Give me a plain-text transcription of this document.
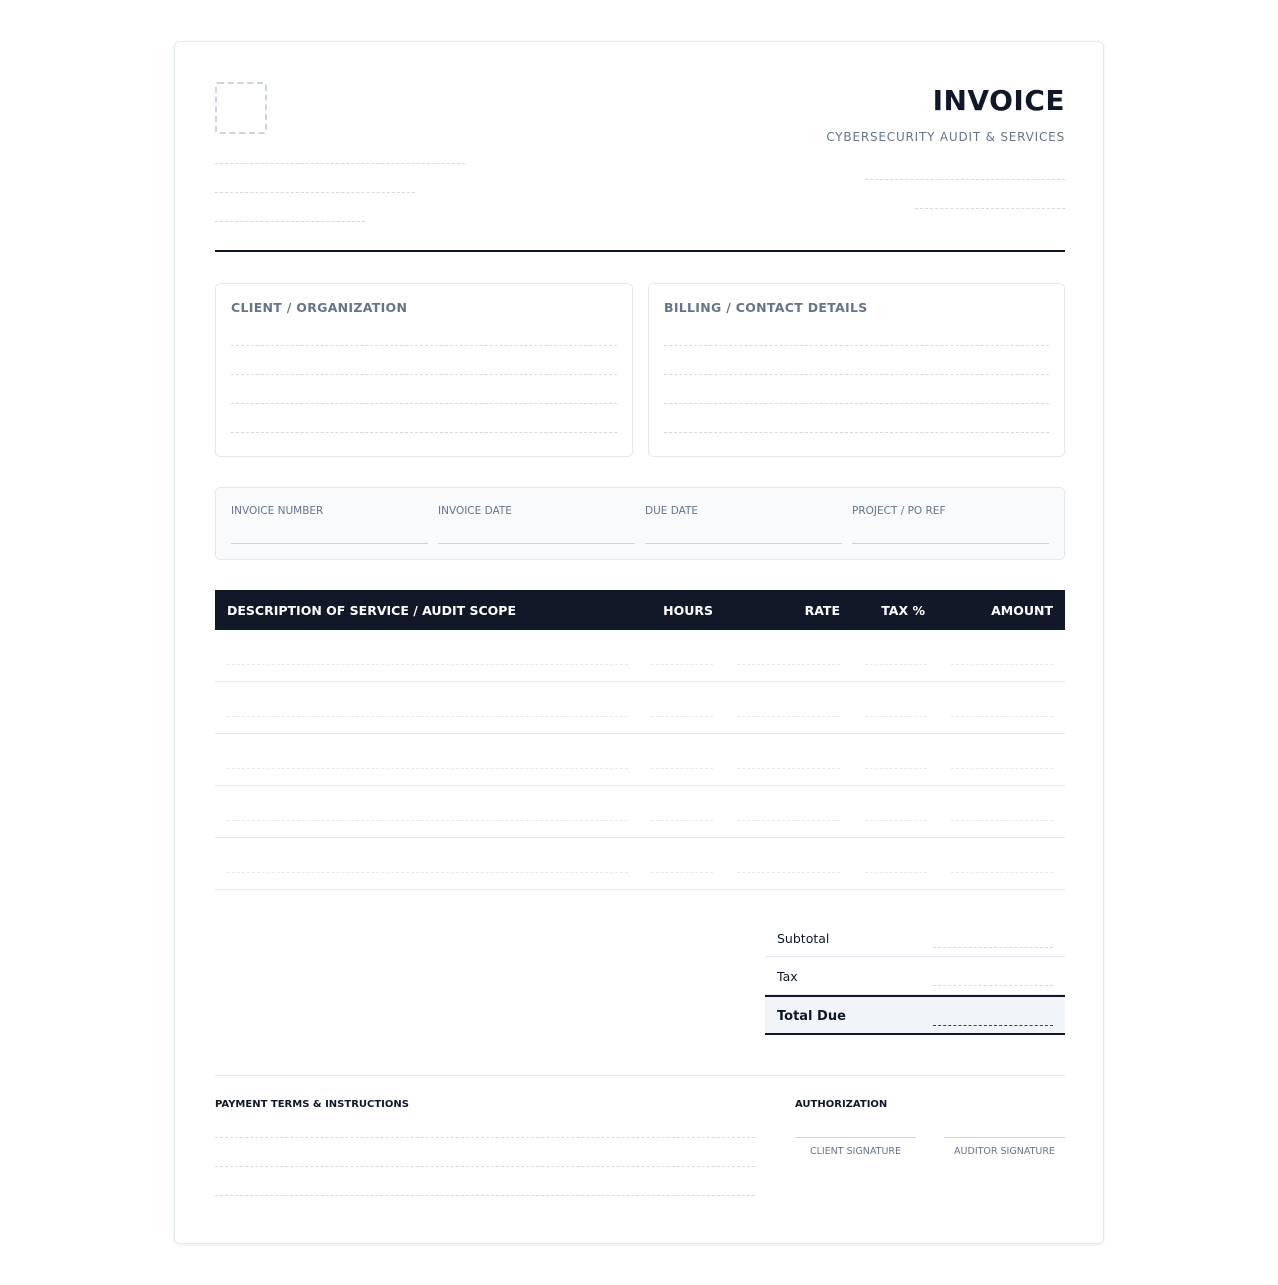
INVOICE
CYBERSECURITY AUDIT & SERVICES
CLIENT / ORGANIZATION	BILLING / CONTACT DETAILS
INVOICE NUMBER	INVOICE DATE	DUE DATE	PROJECT / PO REF
DESCRIPTION OF SERVICE / AUDIT SCOPE	HOURS	RATE	TAX %	AMOUNT
Subtotal
Tax
Total Due
PAYMENT TERMS & INSTRUCTIONS	AUTHORIZATION
CLIENT SIGNATURE	AUDITOR SIGNATURE
